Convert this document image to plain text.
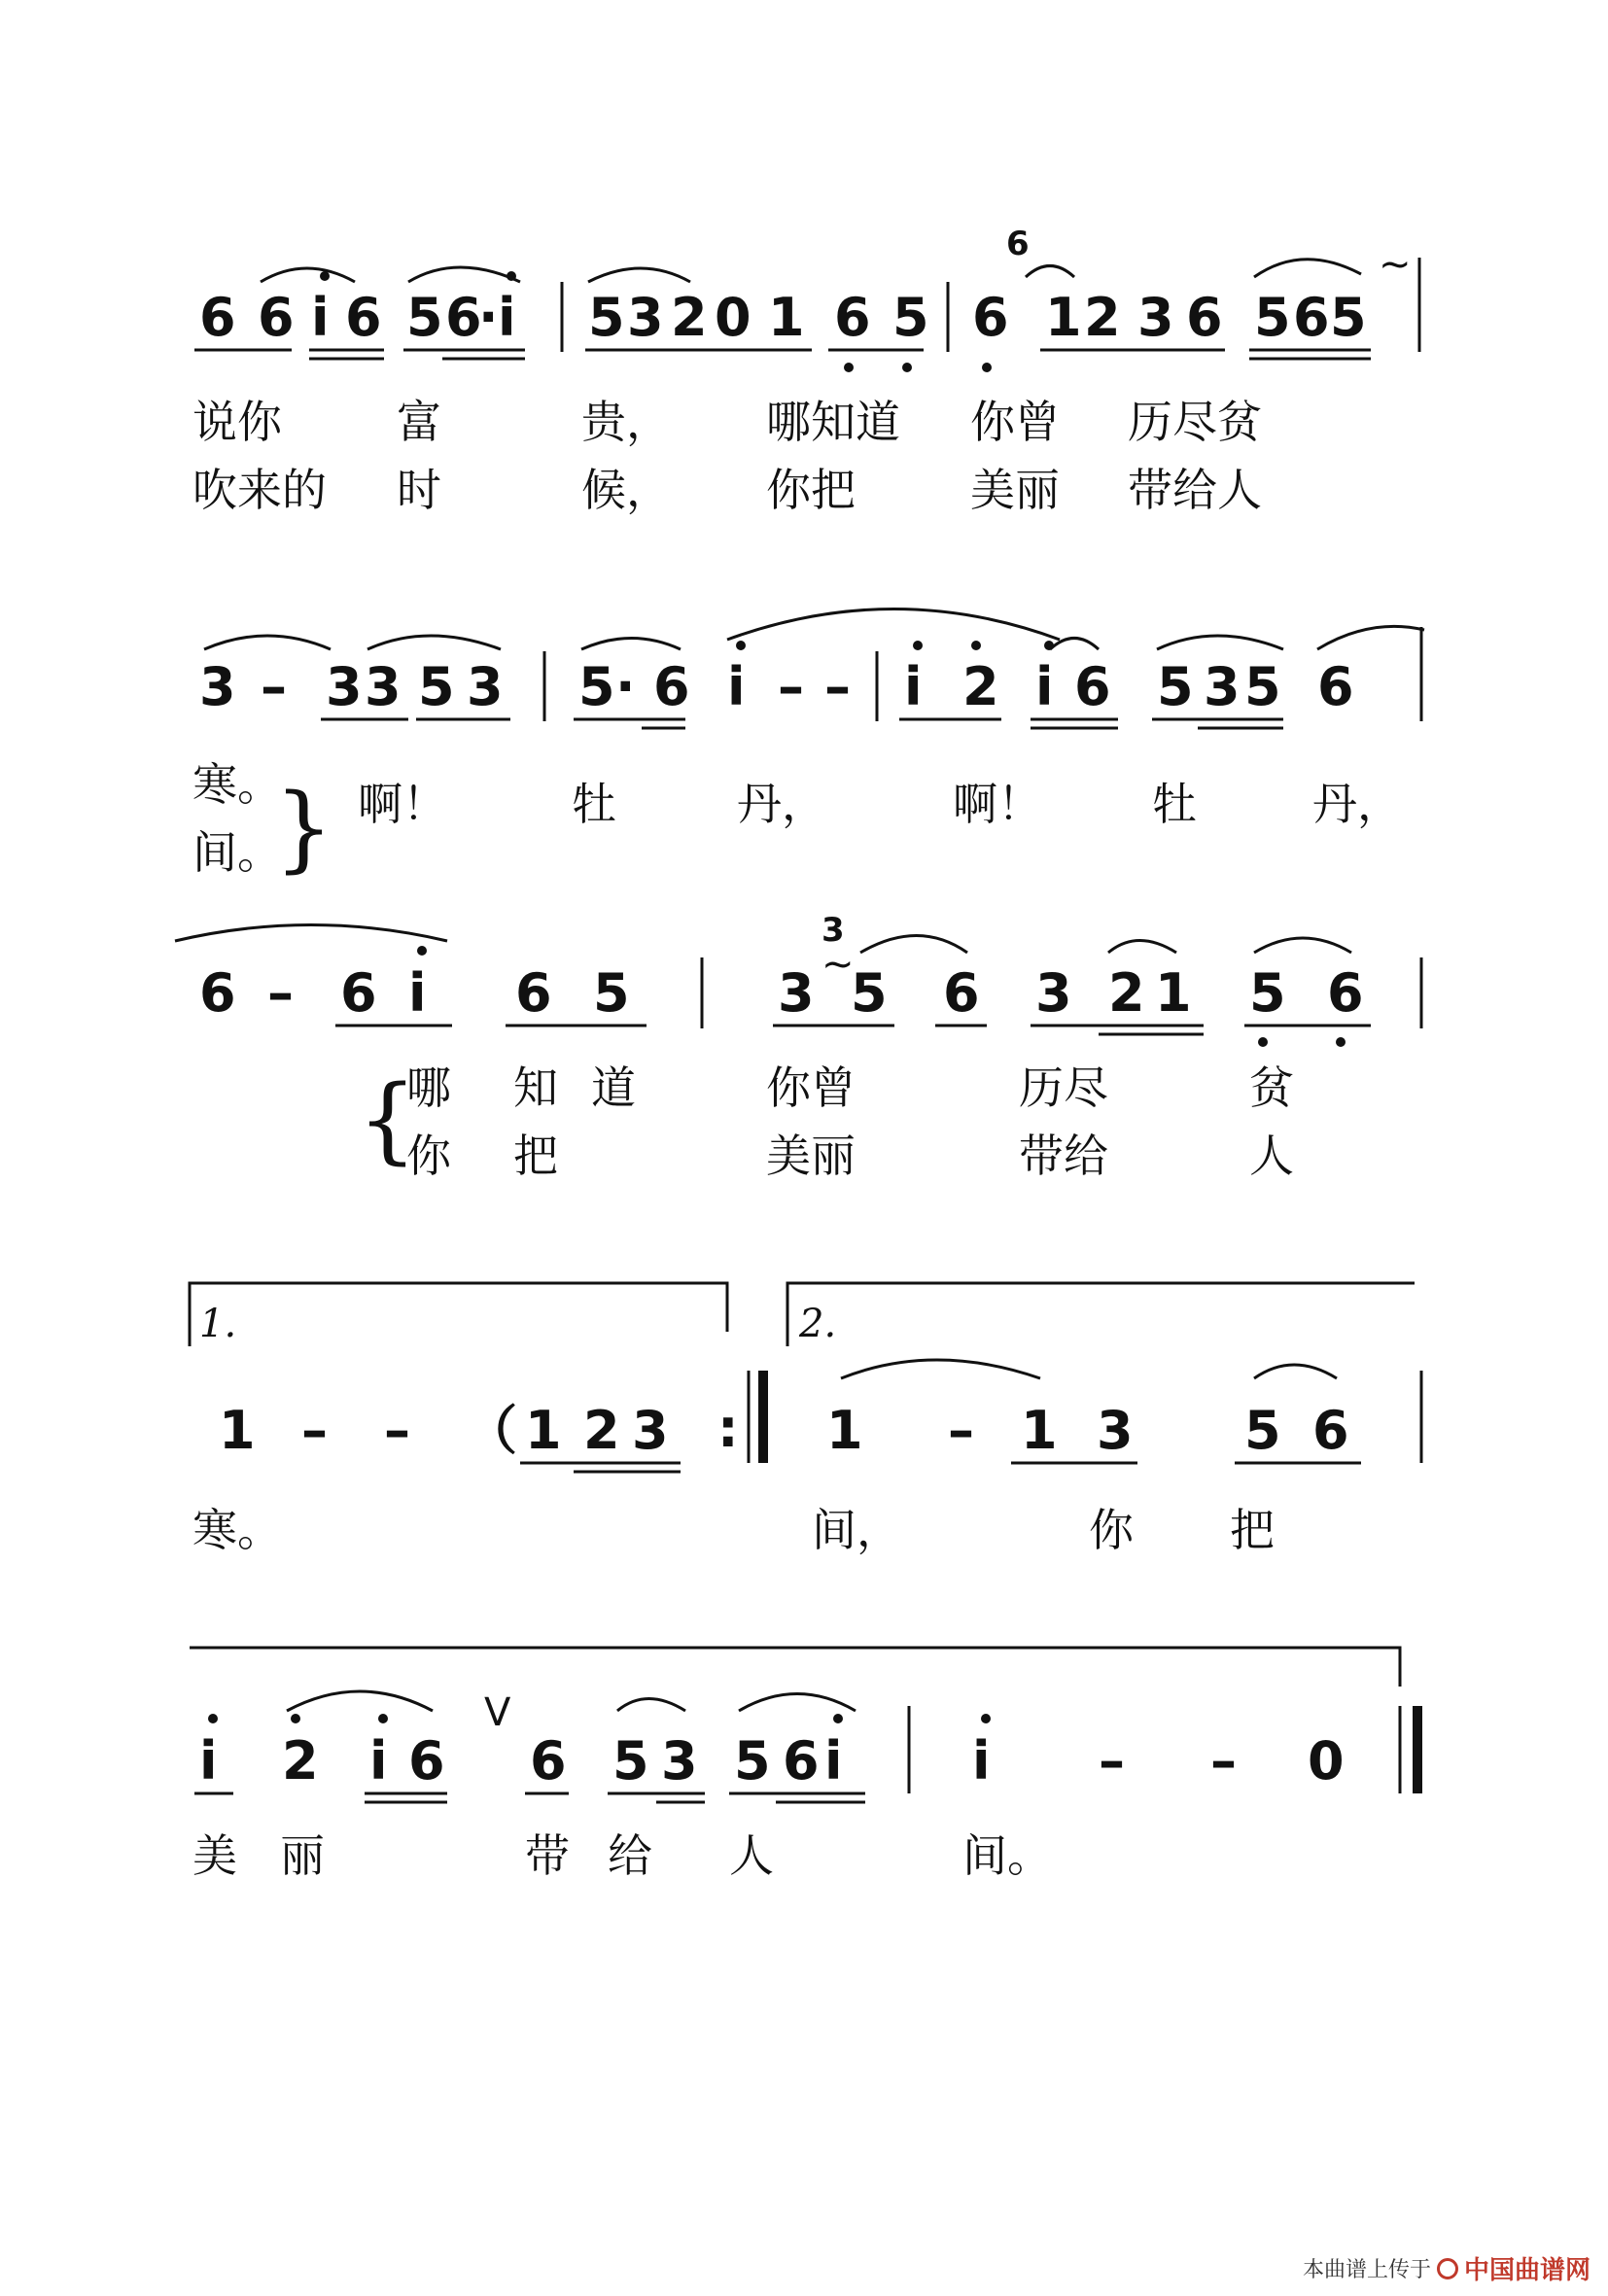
6 6 i 6 5 6
· i 5 3 2 0 1 6 5
6
6 1 2 3 6 5 6 5
~
说你	富	贵， 哪知道 你曾 历尽贫
吹来的 时	候， 你把	美丽 带给人
3 – 3 3 5 3 5 · 6 i – – i 2 i 6 5 3 5 6
寒。
间。
} 啊！	牡	丹，	啊！ 牡	丹，
6 – 6 i 6 5
3
~
3 5 6 3 2 1 5 6
{
哪 知 道	你曾	历尽	贫
你 把	美丽	带给	人
1.	2.
1 – – （ 1 2 3 : 1 – 1 3 5 6
寒。	间，	你 把
i 2 i 6
V
6 5 3 5 6 i i – – 0
美 丽	带 给 人	间。
本曲谱上传于 中国曲谱网
